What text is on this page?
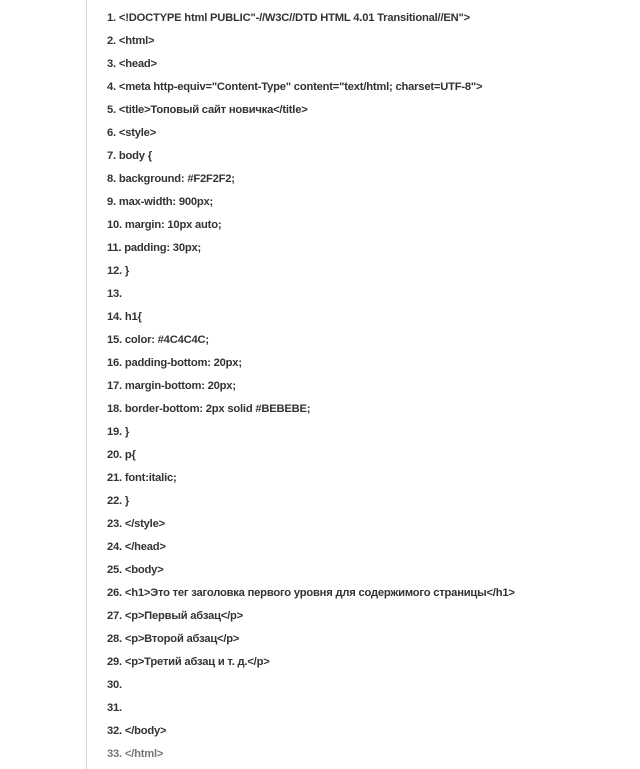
1. <!DOCTYPE html PUBLIC"-//W3C//DTD HTML 4.01 Transitional//EN">
2. <html>
3. <head>
4. <meta http-equiv="Content-Type" content="text/html; charset=UTF-8">
5. <title>Топовый сайт новичка</title>
6. <style>
7. body {
8. background: #F2F2F2;
9. max-width: 900px;
10. margin: 10px auto;
11. padding: 30px;
12. }
13.
14. h1{
15. color: #4C4C4C;
16. padding-bottom: 20px;
17. margin-bottom: 20px;
18. border-bottom: 2px solid #BEBEBE;
19. }
20. p{
21. font:italic;
22. }
23. </style>
24. </head>
25. <body>
26. <h1>Это тег заголовка первого уровня для содержимого страницы</h1>
27. <p>Первый абзац</p>
28. <p>Второй абзац</p>
29. <p>Третий абзац и т. д.</p>
30.
31.
32. </body>
33. </html>
